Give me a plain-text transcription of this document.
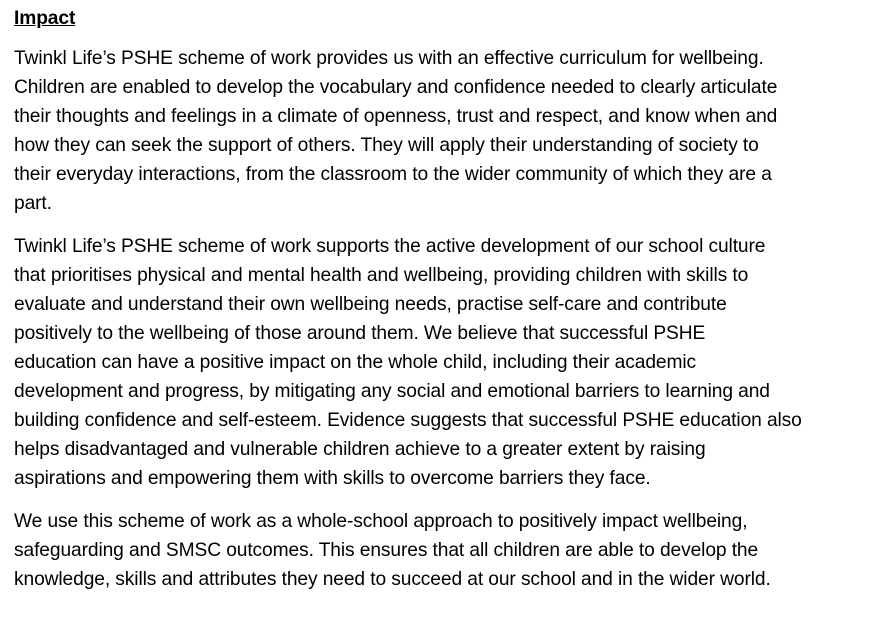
Impact

Twinkl Life’s PSHE scheme of work provides us with an effective curriculum for wellbeing.
Children are enabled to develop the vocabulary and confidence needed to clearly articulate
their thoughts and feelings in a climate of openness, trust and respect, and know when and
how they can seek the support of others. They will apply their understanding of society to
their everyday interactions, from the classroom to the wider community of which they are a
part.

Twinkl Life’s PSHE scheme of work supports the active development of our school culture
that prioritises physical and mental health and wellbeing, providing children with skills to
evaluate and understand their own wellbeing needs, practise self-care and contribute
positively to the wellbeing of those around them. We believe that successful PSHE
education can have a positive impact on the whole child, including their academic
development and progress, by mitigating any social and emotional barriers to learning and
building confidence and self-esteem. Evidence suggests that successful PSHE education also
helps disadvantaged and vulnerable children achieve to a greater extent by raising
aspirations and empowering them with skills to overcome barriers they face.

We use this scheme of work as a whole-school approach to positively impact wellbeing,
safeguarding and SMSC outcomes. This ensures that all children are able to develop the
knowledge, skills and attributes they need to succeed at our school and in the wider world.
